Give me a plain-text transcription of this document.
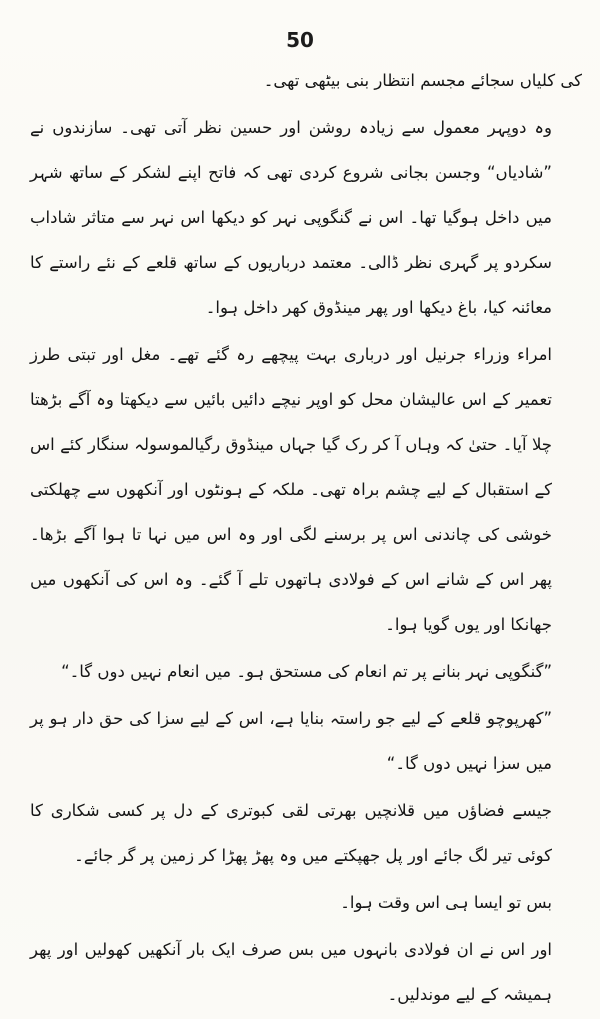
50

کی کلیاں سجائے مجسم انتظار بنی بیٹھی تھی۔

وہ دوپہر معمول سے زیادہ روشن اور حسین نظر آتی تھی۔ سازندوں نے ”شادیاں“ وجسن بجانی شروع کردی تھی کہ فاتح اپنے لشکر کے ساتھ شہر میں داخل ہوگیا تھا۔ اس نے گنگوپی نہر کو دیکھا اس نہر سے متاثر شاداب سکردو پر گہری نظر ڈالی۔ معتمد درباریوں کے ساتھ قلعے کے نئے راستے کا معائنہ کیا، باغ دیکھا اور پھر مینڈوق کھر داخل ہوا۔

امراء وزراء جرنیل اور درباری بہت پیچھے رہ گئے تھے۔ مغل اور تبتی طرز تعمیر کے اس عالیشان محل کو اوپر نیچے دائیں بائیں سے دیکھتا وہ آگے بڑھتا چلا آیا۔ حتیٰ کہ وہاں آ کر رک گیا جہاں مینڈوق رگیالموسولہ سنگار کئے اس کے استقبال کے لیے چشم براہ تھی۔ ملکہ کے ہونٹوں اور آنکھوں سے چھلکتی خوشی کی چاندنی اس پر برسنے لگی اور وہ اس میں نہا تا ہوا آگے بڑھا۔ پھر اس کے شانے اس کے فولادی ہاتھوں تلے آ گئے۔ وہ اس کی آنکھوں میں جھانکا اور یوں گویا ہوا۔

”گنگوپی نہر بنانے پر تم انعام کی مستحق ہو۔ میں انعام نہیں دوں گا۔“

”کھرپوچو قلعے کے لیے جو راستہ بنایا ہے، اس کے لیے سزا کی حق دار ہو پر میں سزا نہیں دوں گا۔“

جیسے فضاؤں میں قلانچیں بھرتی لقی کبوتری کے دل پر کسی شکاری کا کوئی تیر لگ جائے اور پل جھپکتے میں وہ پھڑ پھڑا کر زمین پر گر جائے۔

بس تو ایسا ہی اس وقت ہوا۔

اور اس نے ان فولادی بانہوں میں بس صرف ایک بار آنکھیں کھولیں اور پھر ہمیشہ کے لیے موندلیں۔
